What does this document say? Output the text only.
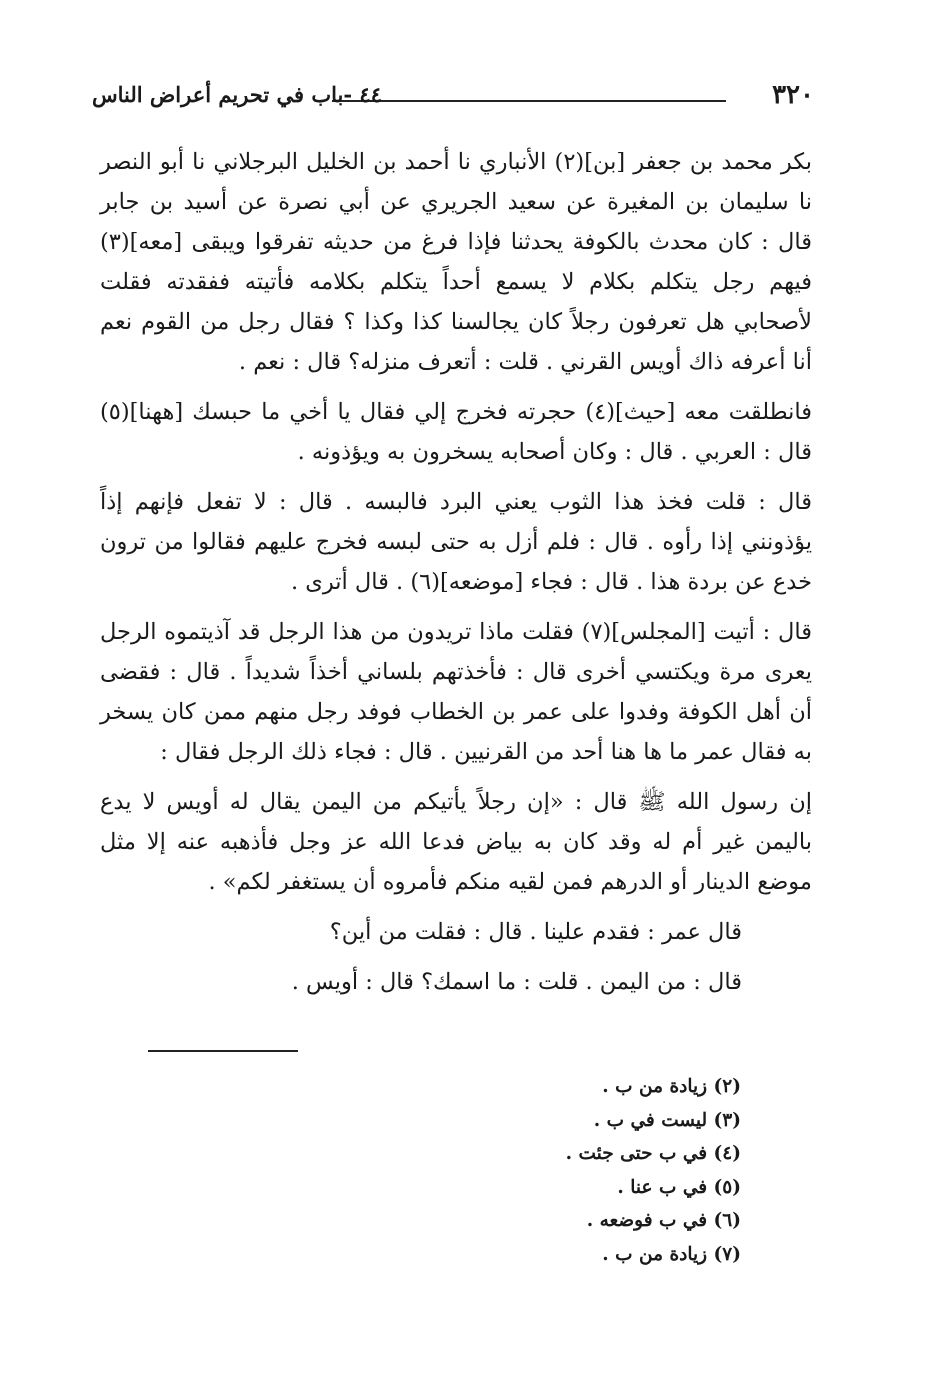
٣٢٠
٤٤ -باب في تحريم أعراض الناس

بكر محمد بن جعفر [بن](٢) الأنباري نا أحمد بن الخليل البرجلاني نا أبو النصر نا سليمان بن المغيرة عن سعيد الجريري عن أبي نصرة عن أسيد بن جابر قال : كان محدث بالكوفة يحدثنا فإذا فرغ من حديثه تفرقوا ويبقى [معه](٣) فيهم رجل يتكلم بكلام لا يسمع أحداً يتكلم بكلامه فأتيته ففقدته فقلت لأصحابي هل تعرفون رجلاً كان يجالسنا كذا وكذا ؟ فقال رجل من القوم نعم أنا أعرفه ذاك أويس القرني . قلت : أتعرف منزله؟ قال : نعم .

فانطلقت معه [حيث](٤) حجرته فخرج إلي فقال يا أخي ما حبسك [ههنا](٥) قال : العربي . قال : وكان أصحابه يسخرون به ويؤذونه .

قال : قلت فخذ هذا الثوب يعني البرد فالبسه . قال : لا تفعل فإنهم إذاً يؤذونني إذا رأوه . قال : فلم أزل به حتى لبسه فخرج عليهم فقالوا من ترون خدع عن بردة هذا . قال : فجاء [موضعه](٦) . قال أترى .

قال : أتيت [المجلس](٧) فقلت ماذا تريدون من هذا الرجل قد آذيتموه الرجل يعرى مرة ويكتسي أخرى قال : فأخذتهم بلساني أخذاً شديداً . قال : فقضى أن أهل الكوفة وفدوا على عمر بن الخطاب فوفد رجل منهم ممن كان يسخر به فقال عمر ما ها هنا أحد من القرنيين . قال : فجاء ذلك الرجل فقال :

إن رسول الله ﷺ قال : «إن رجلاً يأتيكم من اليمن يقال له أويس لا يدع باليمن غير أم له وقد كان به بياض فدعا الله عز وجل فأذهبه عنه إلا مثل موضع الدينار أو الدرهم فمن لقيه منكم فأمروه أن يستغفر لكم» .

قال عمر : فقدم علينا . قال : فقلت من أين؟

قال : من اليمن . قلت : ما اسمك؟ قال : أويس .

(٢) زيادة من ب .
(٣) ليست في ب .
(٤) في ب حتى جئت .
(٥) في ب عنا .
(٦) في ب فوضعه .
(٧) زيادة من ب .
